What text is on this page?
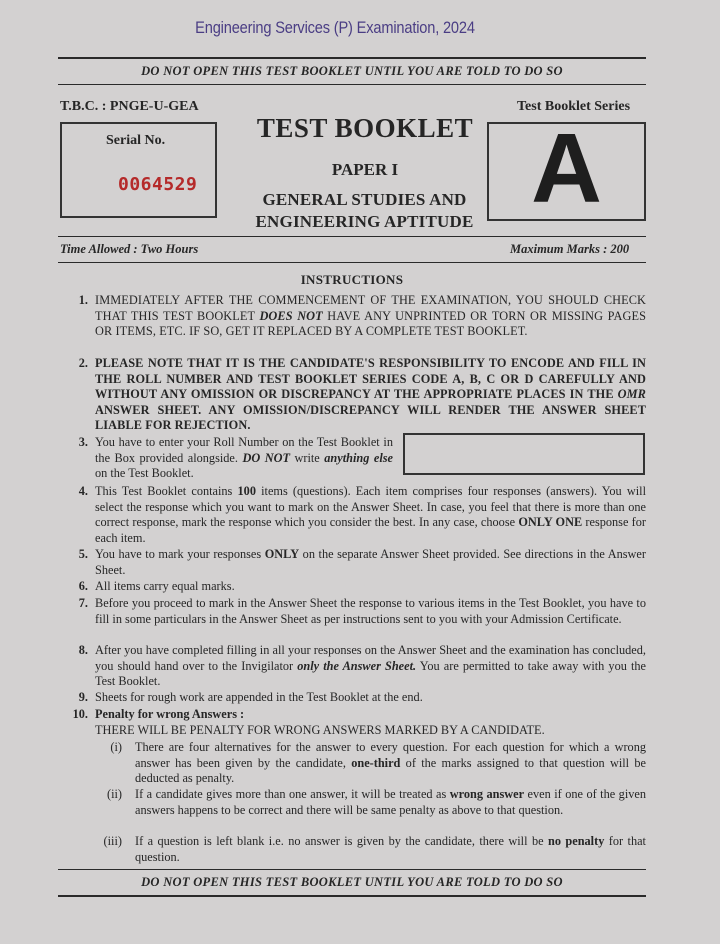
Engineering Services (P) Examination, 2024
DO NOT OPEN THIS TEST BOOKLET UNTIL YOU ARE TOLD TO DO SO
T.B.C. : PNGE-U-GEA	Test Booklet Series
Serial No.
0064529
TEST BOOKLET
PAPER I
GENERAL STUDIES AND
ENGINEERING APTITUDE A
Time Allowed : Two Hours	Maximum Marks : 200
INSTRUCTIONS
1. IMMEDIATELY AFTER THE COMMENCEMENT OF THE EXAMINATION, YOU SHOULD CHECK THAT THIS TEST BOOKLET DOES NOT HAVE ANY UNPRINTED OR TORN OR MISSING PAGES OR ITEMS, ETC. IF SO, GET IT REPLACED BY A COMPLETE TEST BOOKLET.
2. PLEASE NOTE THAT IT IS THE CANDIDATE'S RESPONSIBILITY TO ENCODE AND FILL IN THE ROLL NUMBER AND TEST BOOKLET SERIES CODE A, B, C OR D CAREFULLY AND WITHOUT ANY OMISSION OR DISCREPANCY AT THE APPROPRIATE PLACES IN THE OMR ANSWER SHEET. ANY OMISSION/DISCREPANCY WILL RENDER THE ANSWER SHEET LIABLE FOR REJECTION.
3. You have to enter your Roll Number on the Test Booklet in the Box provided alongside. DO NOT write anything else on the Test Booklet.
4. This Test Booklet contains 100 items (questions). Each item comprises four responses (answers). You will select the response which you want to mark on the Answer Sheet. In case, you feel that there is more than one correct response, mark the response which you consider the best. In any case, choose ONLY ONE response for each item.
5. You have to mark your responses ONLY on the separate Answer Sheet provided. See directions in the Answer Sheet.
6. All items carry equal marks.
7. Before you proceed to mark in the Answer Sheet the response to various items in the Test Booklet, you have to fill in some particulars in the Answer Sheet as per instructions sent to you with your Admission Certificate.
8. After you have completed filling in all your responses on the Answer Sheet and the examination has concluded, you should hand over to the Invigilator only the Answer Sheet. You are permitted to take away with you the Test Booklet.
9. Sheets for rough work are appended in the Test Booklet at the end.
10. Penalty for wrong Answers :
THERE WILL BE PENALTY FOR WRONG ANSWERS MARKED BY A CANDIDATE.
(i) There are four alternatives for the answer to every question. For each question for which a wrong answer has been given by the candidate, one-third of the marks assigned to that question will be deducted as penalty.
(ii) If a candidate gives more than one answer, it will be treated as wrong answer even if one of the given answers happens to be correct and there will be same penalty as above to that question.
(iii) If a question is left blank i.e. no answer is given by the candidate, there will be no penalty for that question.
DO NOT OPEN THIS TEST BOOKLET UNTIL YOU ARE TOLD TO DO SO
